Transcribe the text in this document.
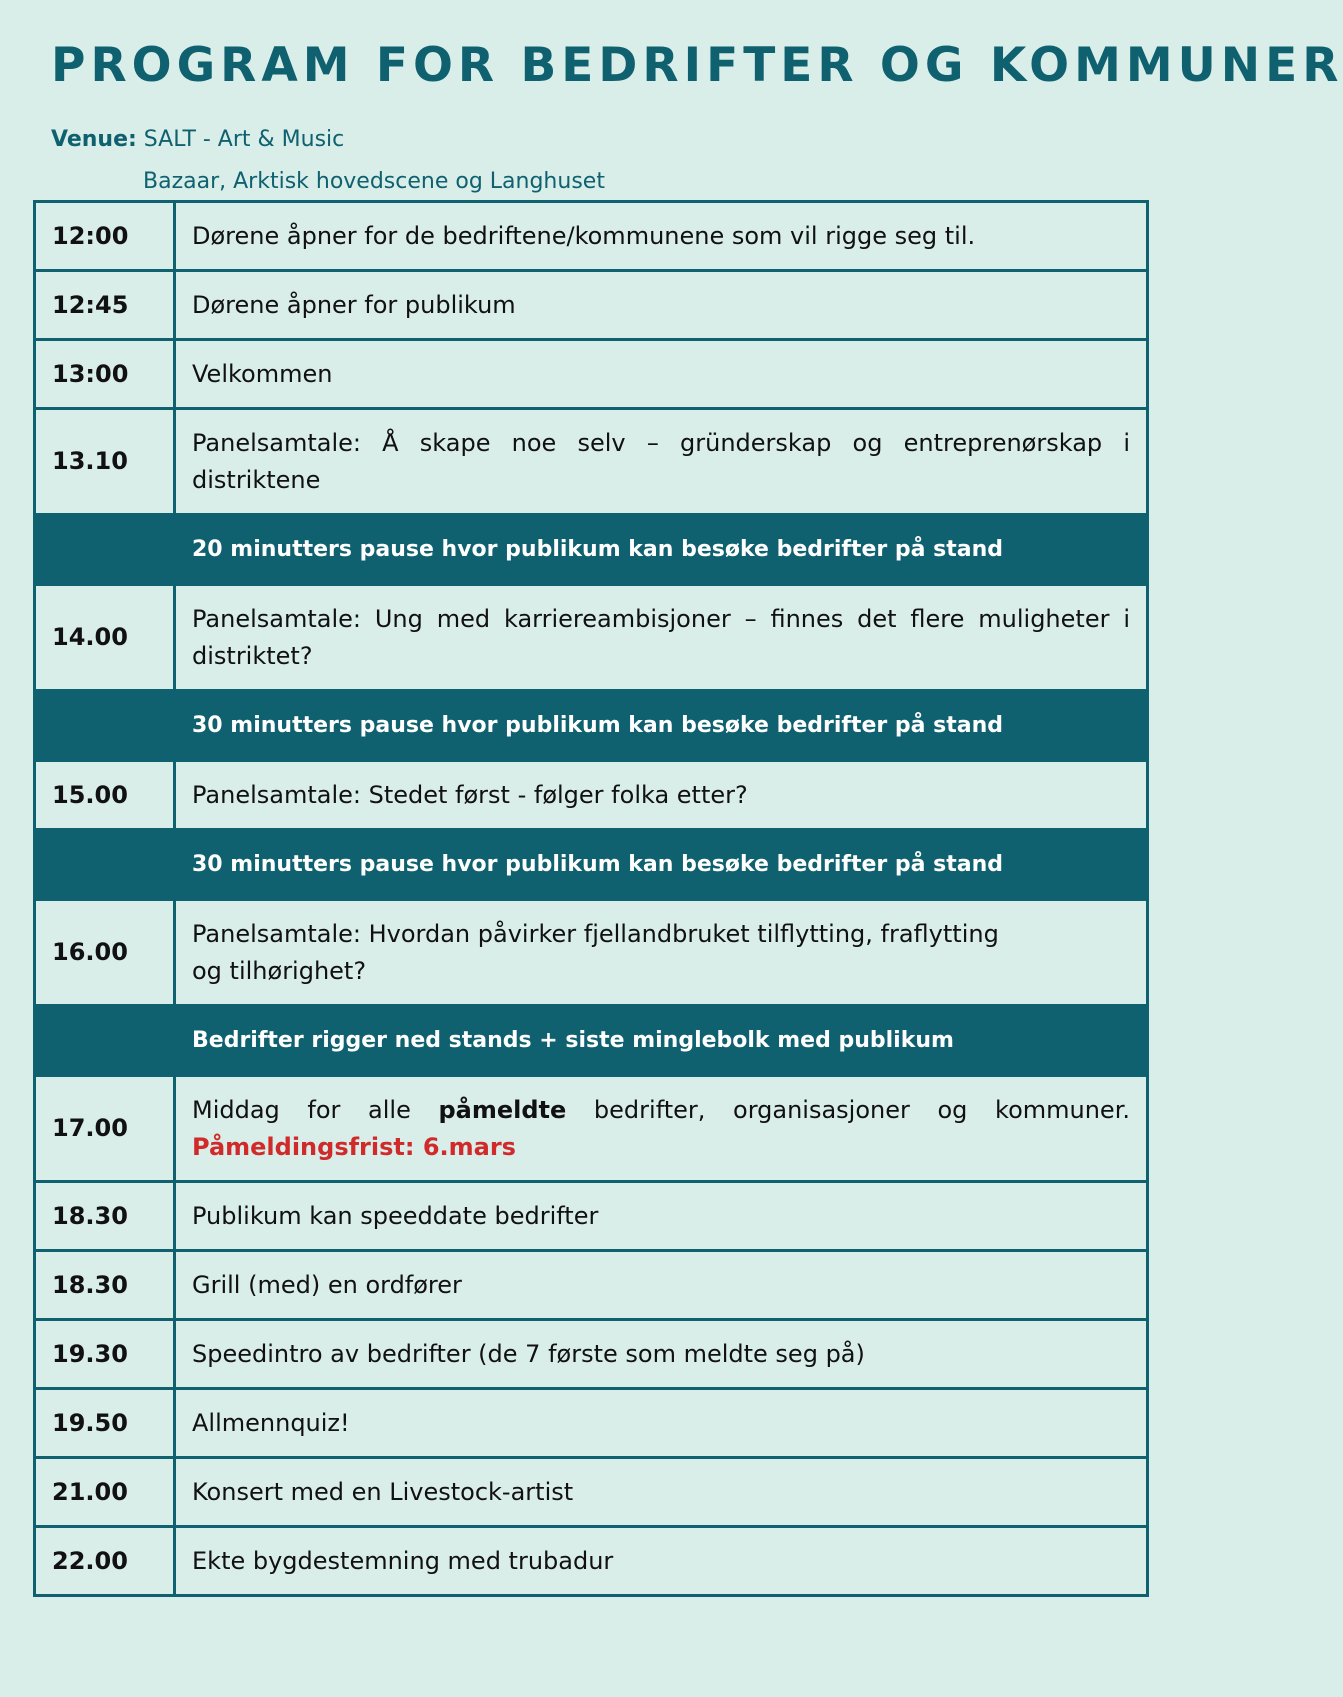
PROGRAM FOR BEDRIFTER OG KOMMUNER
Venue: SALT - Art & Music
Bazaar, Arktisk hovedscene og Langhuset
12:00	Dørene åpner for de bedriftene/kommunene som vil rigge seg til.
12:45	Dørene åpner for publikum
13:00	Velkommen
13.10	Panelsamtale: Å skape noe selv – gründerskap og entreprenørskap i distriktene
	20 minutters pause hvor publikum kan besøke bedrifter på stand
14.00	Panelsamtale: Ung med karriereambisjoner – finnes det flere muligheter i distriktet?
	30 minutters pause hvor publikum kan besøke bedrifter på stand
15.00	Panelsamtale: Stedet først - følger folka etter?
	30 minutters pause hvor publikum kan besøke bedrifter på stand
16.00	Panelsamtale: Hvordan påvirker fjellandbruket tilflytting, fraflytting
og tilhørighet?
	Bedrifter rigger ned stands + siste minglebolk med publikum
17.00	Middag for alle påmeldte bedrifter, organisasjoner og kommuner. Påmeldingsfrist: 6.mars
18.30	Publikum kan speeddate bedrifter
18.30	Grill (med) en ordfører
19.30	Speedintro av bedrifter (de 7 første som meldte seg på)
19.50	Allmennquiz!
21.00	Konsert med en Livestock-artist
22.00	Ekte bygdestemning med trubadur
